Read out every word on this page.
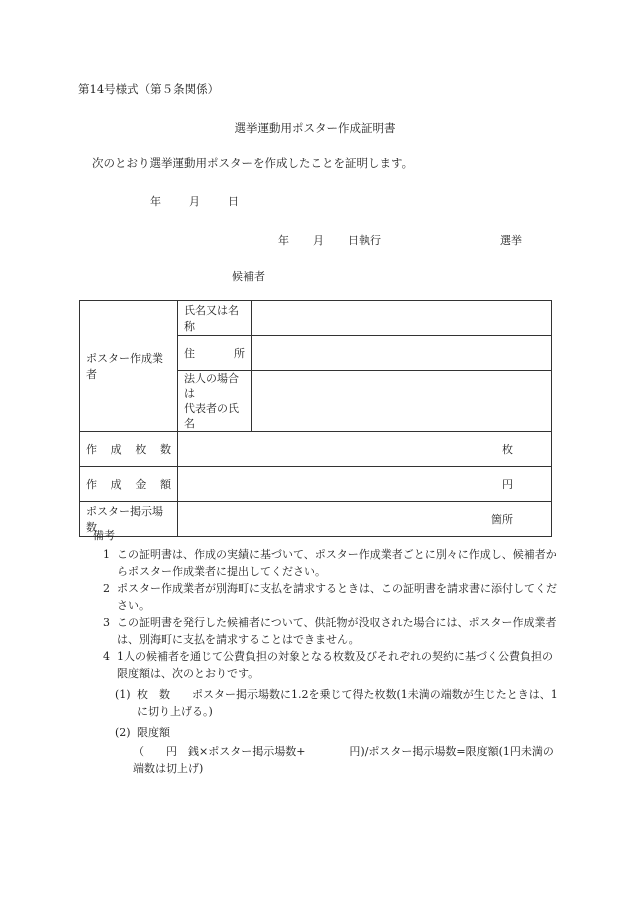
第14号様式（第５条関係）
選挙運動用ポスター作成証明書
次のとおり選挙運動用ポスターを作成したことを証明します。
年	月	日
年 月 日執行	選挙
候補者
ポスター作成業者	氏名又は名称	

	住 所	

	法人の場合は
代表者の氏名	

作 成 枚 数	枚	

作 成 金 額	円	
ポスター掲示場数	箇所	
備考
1 この証明書は、作成の実績に基づいて、ポスター作成業者ごとに別々に作成し、候補者からポスター作成業者に提出してください。
2 ポスター作成業者が別海町に支払を請求するときは、この証明書を請求書に添付してください。
3 この証明書を発行した候補者について、供託物が没収された場合には、ポスター作成業者は、別海町に支払を請求することはできません。
4 1人の候補者を通じて公費負担の対象となる枚数及びそれぞれの契約に基づく公費負担の限度額は、次のとおりです。
(1) 枚　数　　ポスター掲示場数に1.2を乗じて得た枚数(1未満の端数が生じたときは、1に切り上げる。)
(2) 限度額
（　　円　銭×ポスター掲示場数+　　　　円)/ポスター掲示場数=限度額(1円未満の端数は切上げ)
